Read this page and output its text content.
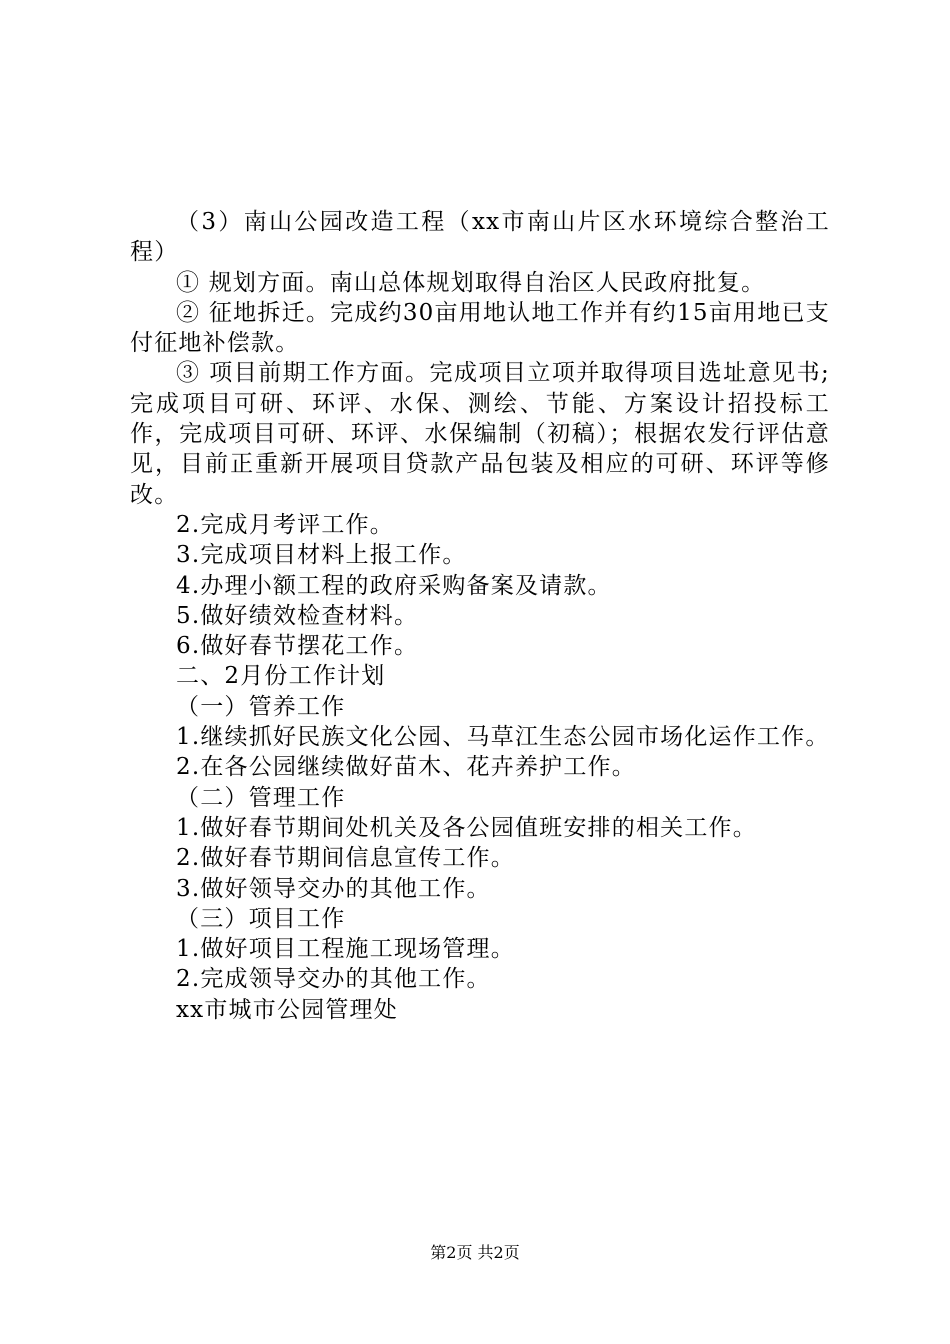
（3）南山公园改造工程（xx市南山片区水环境综合整治工程）

① 规划方面。南山总体规划取得自治区人民政府批复。

② 征地拆迁。完成约30亩用地认地工作并有约15亩用地已支付征地补偿款。

③ 项目前期工作方面。完成项目立项并取得项目选址意见书;完成项目可研、环评、水保、测绘、节能、方案设计招投标工作，完成项目可研、环评、水保编制（初稿）；根据农发行评估意见，目前正重新开展项目贷款产品包装及相应的可研、环评等修改。

2.完成月考评工作。

3.完成项目材料上报工作。

4.办理小额工程的政府采购备案及请款。

5.做好绩效检查材料。

6.做好春节摆花工作。

二、2月份工作计划

（一）管养工作

1.继续抓好民族文化公园、马草江生态公园市场化运作工作。

2.在各公园继续做好苗木、花卉养护工作。

（二）管理工作

1.做好春节期间处机关及各公园值班安排的相关工作。

2.做好春节期间信息宣传工作。

3.做好领导交办的其他工作。

（三）项目工作

1.做好项目工程施工现场管理。

2.完成领导交办的其他工作。

xx市城市公园管理处

第2页 共2页
